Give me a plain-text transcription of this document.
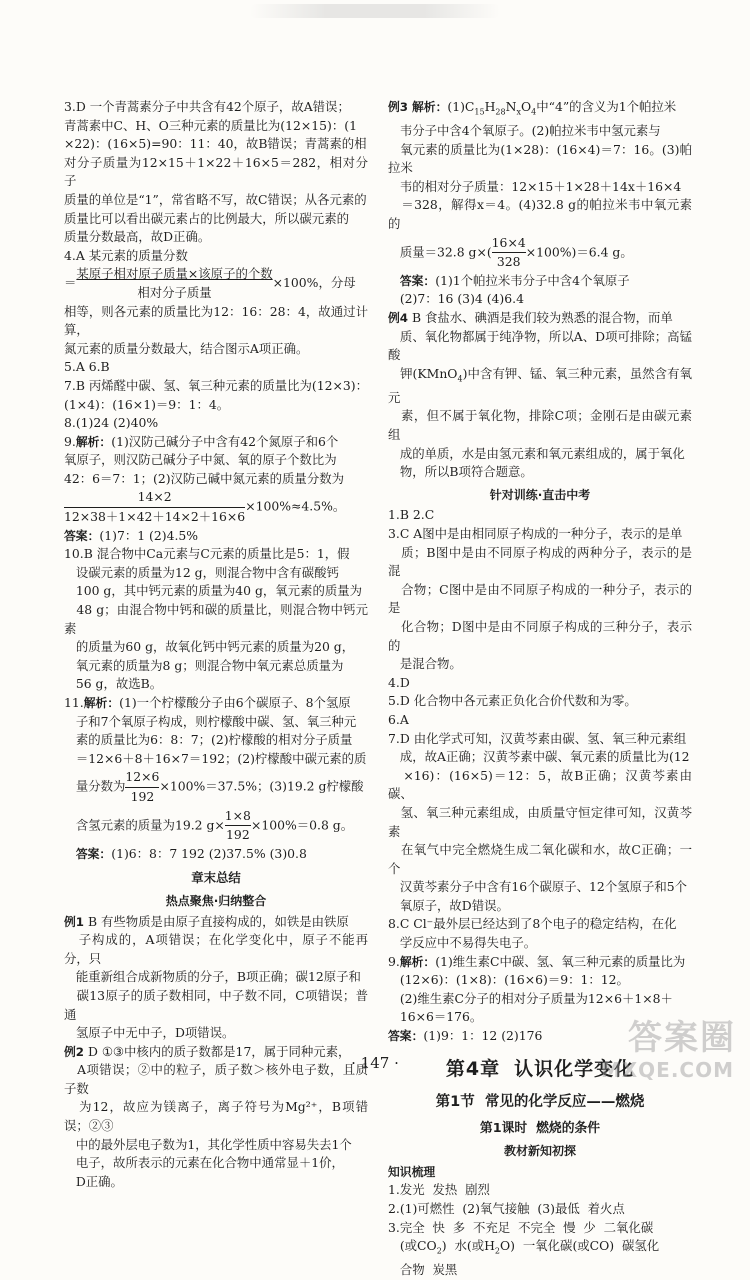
3.D 一个青蒿素分子中共含有42个原子，故A错误；
青蒿素中C、H、O三种元素的质量比为(12×15)：(1
×22)：(16×5)=90：11：40，故B错误；青蒿素的相
对分子质量为12×15＋1×22＋16×5＝282，相对分子
质量的单位是“1”，常省略不写，故C错误；从各元素的
质量比可以看出碳元素占的比例最大，所以碳元素的
质量分数最高，故D正确。

4.A 某元素的质量分数

＝
某原子相对原子质量×该原子的个数
相对分子质量
×100%，分母

相等，则各元素的质量比为12：16：28：4，故通过计算，
氮元素的质量分数最大，结合图示A项正确。

5.A 6.B

7.B 丙烯醛中碳、氢、氧三种元素的质量比为(12×3)：
(1×4)：(16×1)＝9：1：4。

8.(1)24 (2)40%

9.解析：(1)汉防己碱分子中含有42个氮原子和6个
氧原子，则汉防己碱分子中氮、氧的原子个数比为
42：6＝7：1；(2)汉防己碱中氮元素的质量分数为

$\frac{14\times 2}{12\times 38+1\times 42+14\times 2+16\times 6} \times 100\%\approx 4.5\%$。

答案：(1)7：1 (2)4.5%

10.B 混合物中Ca元素与C元素的质量比是5：1，假
设碳元素的质量为12 g，则混合物中含有碳酸钙
100 g，其中钙元素的质量为40 g，氧元素的质量为
48 g；由混合物中钙和碳的质量比，则混合物中钙元素
的质量为60 g，故氧化钙中钙元素的质量为20 g，
氧元素的质量为8 g；则混合物中氧元素总质量为
56 g，故选B。

11.解析：(1)一个柠檬酸分子由6个碳原子、8个氢原
子和7个氧原子构成，则柠檬酸中碳、氢、氧三种元
素的质量比为6：8：7；(2)柠檬酸的相对分子质量
＝12×6＋8＋16×7＝192；(2)柠檬酸中碳元素的质
量分数为 $\frac{12\times 6}{192} \times 100\%=37.5\%$；(3)19.2 g柠檬酸
含氢元素的质量为19.2 $g\times \frac{1\times 8}{192} \times 100\%=0.8$ g。

答案：(1)6：8：7 192 (2)37.5% (3)0.8

章末总结

热点聚焦·归纳整合

例1 B 有些物质是由原子直接构成的，如铁是由铁原
子构成的，A项错误；在化学变化中，原子不能再分，只
能重新组合成新物质的分子，B项正确；碳12原子和
碳13原子的质子数相同，中子数不同，C项错误；普通
氢原子中无中子，D项错误。

例2 D ①③中核内的质子数都是17，属于同种元素，
A项错误；②中的粒子，质子数＞核外电子数，且质子数
为12，故应为镁离子，离子符号为Mg²⁺，B项错误；②③
中的最外层电子数为1，其化学性质中容易失去1个
电子，故所表示的元素在化合物中通常显＋1价，
D正确。

例3 解析：$(1)C_{15}H_{28}N_xO_4$中“4”的含义为1个帕拉米
韦分子中含4个氧原子。(2)帕拉米韦中氢元素与
氧元素的质量比为(1×28)：(16×4)＝7：16。(3)帕拉米
韦的相对分子质量：12×15＋1×28＋14x＋16×4
＝328，解得x＝4。(4)32.8 g的帕拉米韦中氧元素的
质量＝32.8 $g\times( \frac{16\times 4}{328} \times 100\%)=6.4$ g。

答案：(1)1个帕拉米韦分子中含4个氧原子
(2)7：16 (3)4 (4)6.4

例4 B 食盐水、碘酒是我们较为熟悉的混合物，而单
质、氧化物都属于纯净物，所以A、D项可排除；高锰酸
钾(KMnO$_4$)中含有钾、锰、氧三种元素，虽然含有氧元
素，但不属于氧化物，排除C项；金刚石是由碳元素组
成的单质，水是由氢元素和氧元素组成的，属于氧化
物，所以B项符合题意。

针对训练·直击中考

1.B 2.C

3.C A图中是由相同原子构成的一种分子，表示的是单
质；B图中是由不同原子构成的两种分子，表示的是混
合物；C图中是由不同原子构成的一种分子，表示的是
化合物；D图中是由不同原子构成的三种分子，表示的
是混合物。

4.D

5.D 化合物中各元素正负化合价代数和为零。

6.A

7.D 由化学式可知，汉黄芩素由碳、氢、氧三种元素组
成，故A正确；汉黄芩素中碳、氧元素的质量比为(12
×16)：(16×5)＝12：5，故B正确；汉黄芩素由碳、
氢、氧三种元素组成，由质量守恒定律可知，汉黄芩素
在氧气中完全燃烧生成二氧化碳和水，故C正确；一个
汉黄芩素分子中含有16个碳原子、12个氢原子和5个
氧原子，故D错误。

8.C Cl⁻最外层已经达到了8个电子的稳定结构，在化
学反应中不易得失电子。

9.解析：(1)维生素C中碳、氢、氧三种元素的质量比为
(12×6)：(1×8)：(16×6)＝9：1：12。
(2)维生素C分子的相对分子质量为12×6＋1×8＋
16×6＝176。

答案：(1)9：1：12 (2)176

第4章 认识化学变化

第1节  常见的化学反应——燃烧

第1课时  燃烧的条件

教材新知初探

知识梳理

1.发光  发热  剧烈

2.(1)可燃性  (2)氧气接触  (3)最低  着火点

3.完全  快  多  不充足  不完全  慢  少  二氧化碳
(或$CO_2$)  水(或$H_2O$)  一氧化碳(或CO)  碳氢化
合物  炭黑

· 147 ·
答案圈
MXQE.COM
